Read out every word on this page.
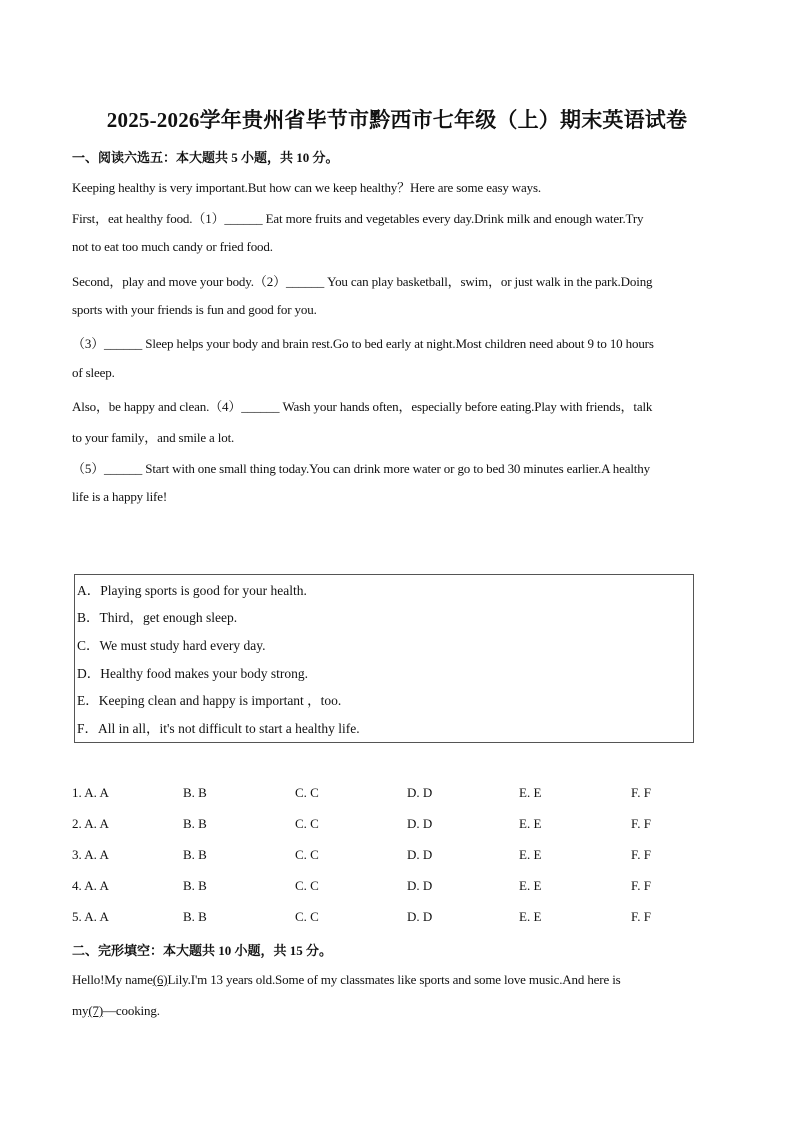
2025-2026学年贵州省毕节市黔西市七年级（上）期末英语试卷
一、阅读六选五：本大题共 5 小题，共 10 分。
Keeping healthy is very important.But how can we keep healthy？Here are some easy ways.
First，eat healthy food.（1）______ Eat more fruits and vegetables every day.Drink milk and enough water.Try
not to eat too much candy or fried food.
Second，play and move your body.（2）______ You can play basketball，swim，or just walk in the park.Doing
sports with your friends is fun and good for you.
（3）______ Sleep helps your body and brain rest.Go to bed early at night.Most children need about 9 to 10 hours
of sleep.
Also，be happy and clean.（4）______ Wash your hands often，especially before eating.Play with friends，talk
to your family，and smile a lot.
（5）______ Start with one small thing today.You can drink more water or go to bed 30 minutes earlier.A healthy
life is a happy life!
A．Playing sports is good for your health.
B．Third，get enough sleep.
C．We must study hard every day.
D．Healthy food makes your body strong.
E．Keeping clean and happy is important ，too.
F．All in all，it's not difficult to start a healthy life.
1. A. A	B. B	C. C	D. D	E. E	F. F
2. A. A	B. B	C. C	D. D	E. E	F. F
3. A. A	B. B	C. C	D. D	E. E	F. F
4. A. A	B. B	C. C	D. D	E. E	F. F
5. A. A	B. B	C. C	D. D	E. E	F. F
二、完形填空：本大题共 10 小题，共 15 分。
Hello!My name(6)Lily.I'm 13 years old.Some of my classmates like sports and some love music.And here is
my(7)—cooking.
